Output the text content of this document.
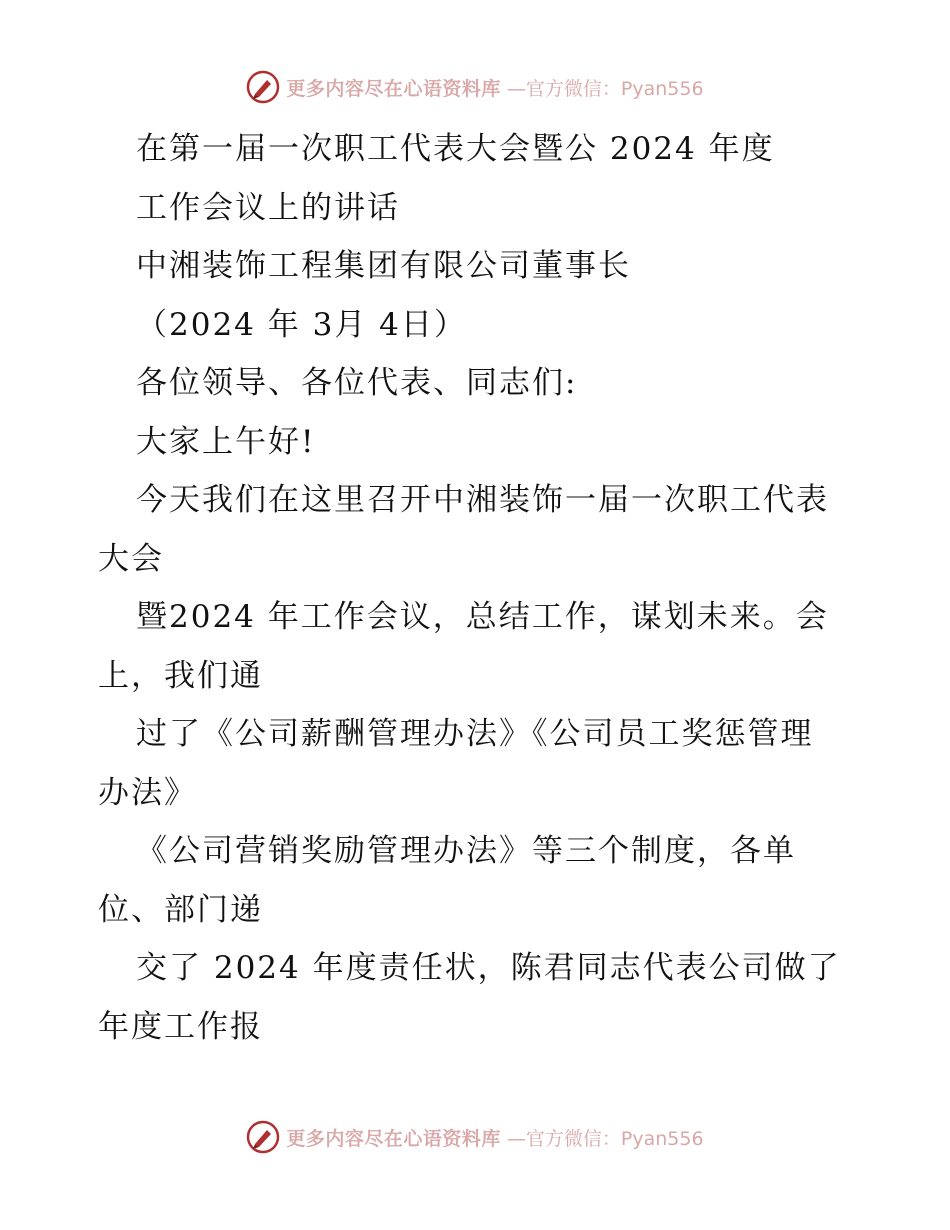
更多内容尽在心语资料库 —官方微信：Pyan556
在第一届一次职工代表大会暨公 2024 年度
工作会议上的讲话
中湘装饰工程集团有限公司董事长
（2024 年 3月 4日）
各位领导、各位代表、同志们:
大家上午好!
今天我们在这里召开中湘装饰一届一次职工代表
大会
暨2024 年工作会议，总结工作，谋划未来。会
上，我们通
过了《公司薪酬管理办法》《公司员工奖惩管理
办法》
《公司营销奖励管理办法》等三个制度，各单
位、部门递
交了 2024 年度责任状，陈君同志代表公司做了
年度工作报
更多内容尽在心语资料库 —官方微信：Pyan556
